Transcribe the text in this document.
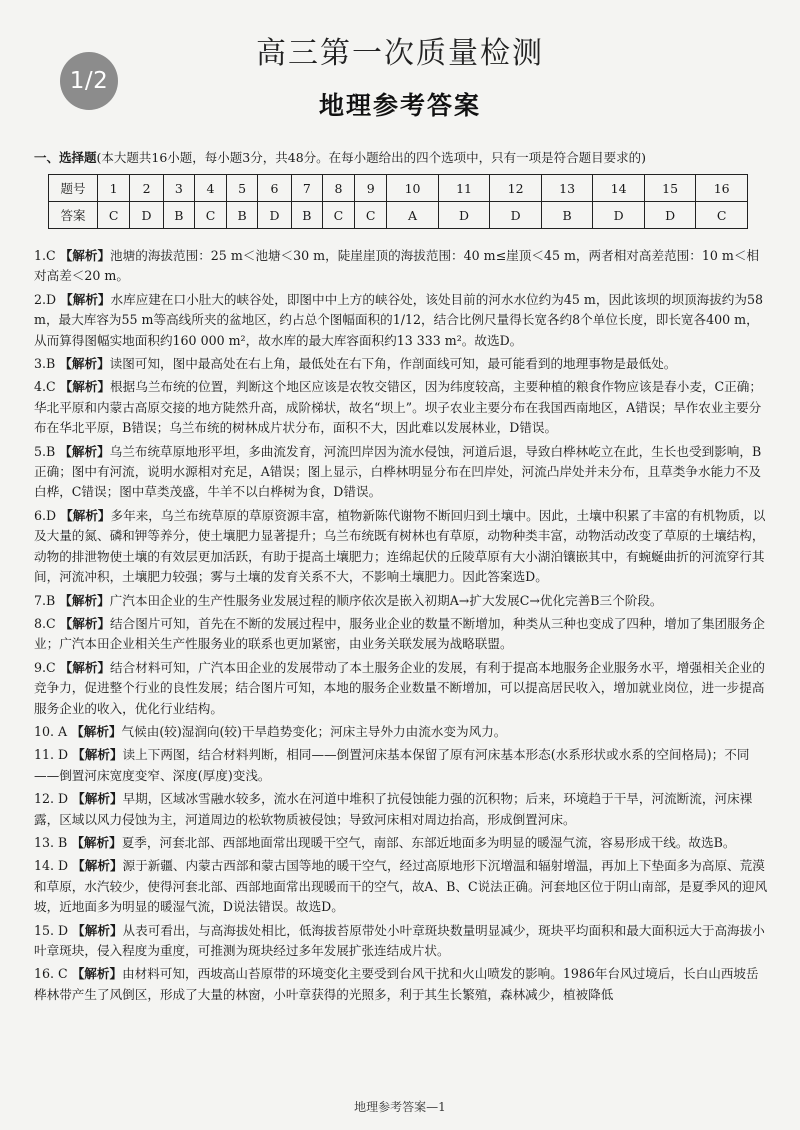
1/2
高三第一次质量检测
地理参考答案
一、选择题(本大题共16小题，每小题3分，共48分。在每小题给出的四个选项中，只有一项是符合题目要求的)
题号	1	2	3	4	5	6	7	8	9	10	11	12	13	14	15	16
答案	C	D	B	C	B	D	B	C	C	A	D	D	B	D	D	C
1.C 【解析】池塘的海拔范围：25 m＜池塘＜30 m，陡崖崖顶的海拔范围：40 m≤崖顶＜45 m，两者相对高差范围：10 m＜相对高差＜20 m。
2.D 【解析】水库应建在口小肚大的峡谷处，即图中中上方的峡谷处，该处目前的河水水位约为45 m，因此该坝的坝顶海拔约为58 m，最大库容为55 m等高线所夹的盆地区，约占总个图幅面积的1/12，结合比例尺量得长宽各约8个单位长度，即长宽各400 m，从而算得图幅实地面积约160 000 m²，故水库的最大库容面积约13 333 m²。故选D。
3.B 【解析】读图可知，图中最高处在右上角，最低处在右下角，作剖面线可知，最可能看到的地理事物是最低处。
4.C 【解析】根据乌兰布统的位置，判断这个地区应该是农牧交错区，因为纬度较高，主要种植的粮食作物应该是春小麦，C正确；华北平原和内蒙古高原交接的地方陡然升高，成阶梯状，故名“坝上”。坝子农业主要分布在我国西南地区，A错误；旱作农业主要分布在华北平原，B错误；乌兰布统的树林成片状分布，面积不大，因此难以发展林业，D错误。
5.B 【解析】乌兰布统草原地形平坦，多曲流发育，河流凹岸因为流水侵蚀，河道后退，导致白桦林屹立在此，生长也受到影响，B正确；图中有河流，说明水源相对充足，A错误；图上显示，白桦林明显分布在凹岸处，河流凸岸处并未分布，且草类争水能力不及白桦，C错误；图中草类茂盛，牛羊不以白桦树为食，D错误。
6.D 【解析】多年来，乌兰布统草原的草原资源丰富，植物新陈代谢物不断回归到土壤中。因此，土壤中积累了丰富的有机物质，以及大量的氮、磷和钾等养分，使土壤肥力显著提升；乌兰布统既有树林也有草原，动物种类丰富，动物活动改变了草原的土壤结构，动物的排泄物使土壤的有效层更加活跃，有助于提高土壤肥力；连绵起伏的丘陵草原有大小湖泊镶嵌其中，有蜿蜒曲折的河流穿行其间，河流冲积，土壤肥力较强；雾与土壤的发育关系不大，不影响土壤肥力。因此答案选D。
7.B 【解析】广汽本田企业的生产性服务业发展过程的顺序依次是嵌入初期A→扩大发展C→优化完善B三个阶段。
8.C 【解析】结合图片可知，首先在不断的发展过程中，服务业企业的数量不断增加，种类从三种也变成了四种，增加了集团服务企业；广汽本田企业相关生产性服务业的联系也更加紧密，由业务关联发展为战略联盟。
9.C 【解析】结合材料可知，广汽本田企业的发展带动了本土服务企业的发展，有利于提高本地服务企业服务水平，增强相关企业的竞争力，促进整个行业的良性发展；结合图片可知，本地的服务企业数量不断增加，可以提高居民收入，增加就业岗位，进一步提高服务企业的收入，优化行业结构。
10. A 【解析】气候由(较)湿润向(较)干旱趋势变化；河床主导外力由流水变为风力。
11. D 【解析】读上下两图，结合材料判断，相同——倒置河床基本保留了原有河床基本形态(水系形状或水系的空间格局)；不同——倒置河床宽度变窄、深度(厚度)变浅。
12. D 【解析】早期，区域冰雪融水较多，流水在河道中堆积了抗侵蚀能力强的沉积物；后来，环境趋于干旱，河流断流，河床裸露，区域以风力侵蚀为主，河道周边的松软物质被侵蚀；导致河床相对周边抬高，形成倒置河床。
13. B 【解析】夏季，河套北部、西部地面常出现暖干空气，南部、东部近地面多为明显的暖湿气流，容易形成干线。故选B。
14. D 【解析】源于新疆、内蒙古西部和蒙古国等地的暖干空气，经过高原地形下沉增温和辐射增温，再加上下垫面多为高原、荒漠和草原，水汽较少，使得河套北部、西部地面常出现暖而干的空气，故A、B、C说法正确。河套地区位于阴山南部，是夏季风的迎风坡，近地面多为明显的暖湿气流，D说法错误。故选D。
15. D 【解析】从表可看出，与高海拔处相比，低海拔苔原带处小叶章斑块数量明显减少，斑块平均面积和最大面积远大于高海拔小叶章斑块，侵入程度为重度，可推测为斑块经过多年发展扩张连结成片状。
16. C 【解析】由材料可知，西坡高山苔原带的环境变化主要受到台风干扰和火山喷发的影响。1986年台风过境后，长白山西坡岳桦林带产生了风倒区，形成了大量的林窗，小叶章获得的光照多，利于其生长繁殖，森林减少，植被降低
地理参考答案—1
